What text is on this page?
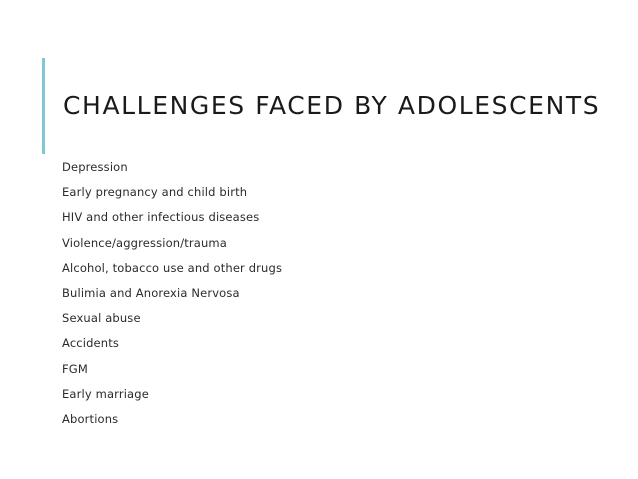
CHALLENGES FACED BY ADOLESCENTS
Depression
Early pregnancy and child birth
HIV and other infectious diseases
Violence/aggression/trauma
Alcohol, tobacco use and other drugs
Bulimia and Anorexia Nervosa
Sexual abuse
Accidents
FGM
Early marriage
Abortions
